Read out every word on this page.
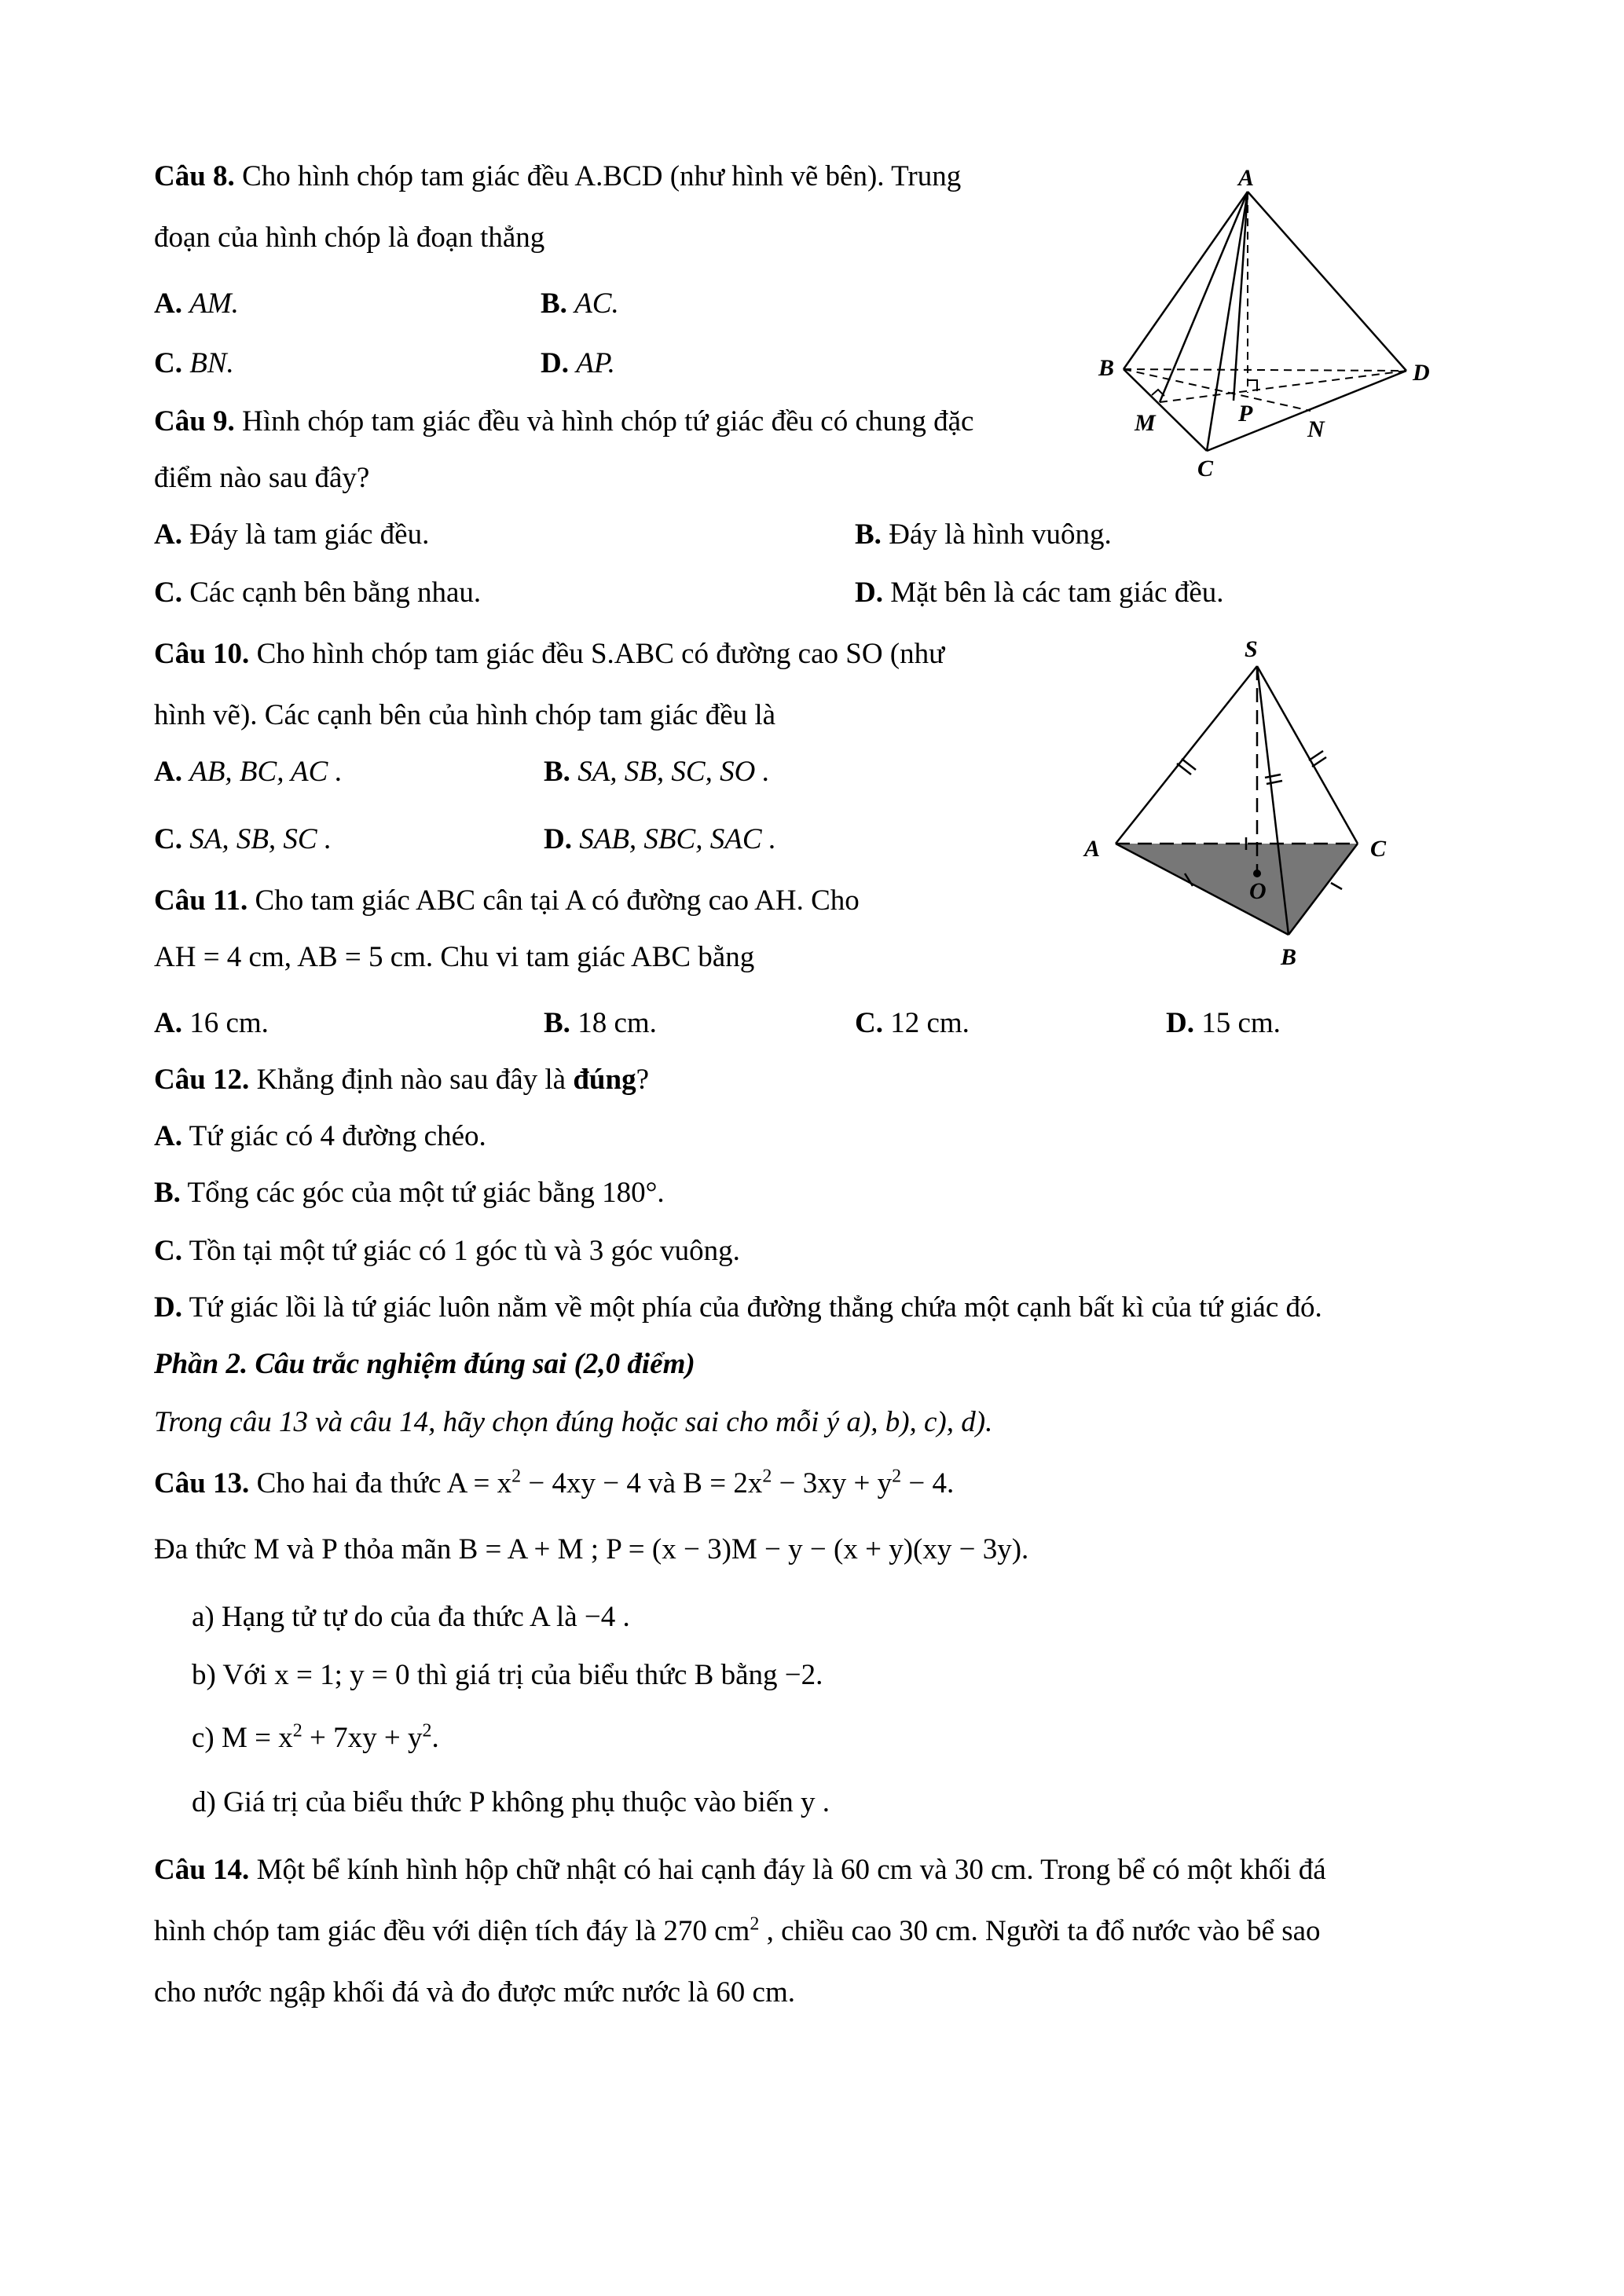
Câu 8. Cho hình chóp tam giác đều A.BCD (như hình vẽ bên). Trung
đoạn của hình chóp là đoạn thẳng
A. AM.	B. AC.
C. BN.	D. AP.
Câu 9. Hình chóp tam giác đều và hình chóp tứ giác đều có chung đặc
điểm nào sau đây?
A. Đáy là tam giác đều.	B. Đáy là hình vuông.
C. Các cạnh bên bằng nhau.	D. Mặt bên là các tam giác đều.
Câu 10. Cho hình chóp tam giác đều S.ABC có đường cao SO (như
hình vẽ). Các cạnh bên của hình chóp tam giác đều là
A. AB, BC, AC .	B. SA, SB, SC, SO .
C. SA, SB, SC .	D. SAB, SBC, SAC .
Câu 11. Cho tam giác ABC cân tại A có đường cao AH. Cho
AH = 4 cm, AB = 5 cm. Chu vi tam giác ABC bằng
A. 16 cm.	B. 18 cm.	C. 12 cm.	D. 15 cm.
Câu 12. Khẳng định nào sau đây là đúng?
A. Tứ giác có 4 đường chéo.
B. Tổng các góc của một tứ giác bằng 180°.
C. Tồn tại một tứ giác có 1 góc tù và 3 góc vuông.
D. Tứ giác lồi là tứ giác luôn nằm về một phía của đường thẳng chứa một cạnh bất kì của tứ giác đó.
Phần 2. Câu trắc nghiệm đúng sai (2,0 điểm)
Trong câu 13 và câu 14, hãy chọn đúng hoặc sai cho mỗi ý a), b), c), d).
Câu 13. Cho hai đa thức $A = x^2 - 4xy - 4$ và $B = 2x^2 - 3xy + y^2 - 4$.
Đa thức M và P thỏa mãn B = A + M ; P = (x − 3)M − y − (x + y)(xy − 3y).
a) Hạng tử tự do của đa thức A là −4 .
b) Với x = 1; y = 0 thì giá trị của biểu thức B bằng −2.
c) $M = x^2 + 7xy + y^2$.
d) Giá trị của biểu thức P không phụ thuộc vào biến y .
Câu 14. Một bể kính hình hộp chữ nhật có hai cạnh đáy là 60 cm và 30 cm. Trong bể có một khối đá
hình chóp tam giác đều với diện tích đáy là 270 $cm^2$ , chiều cao 30 cm. Người ta đổ nước vào bể sao
cho nước ngập khối đá và đo được mức nước là 60 cm.
A
B	D
M	P
N
C
S
A	C
O
B
